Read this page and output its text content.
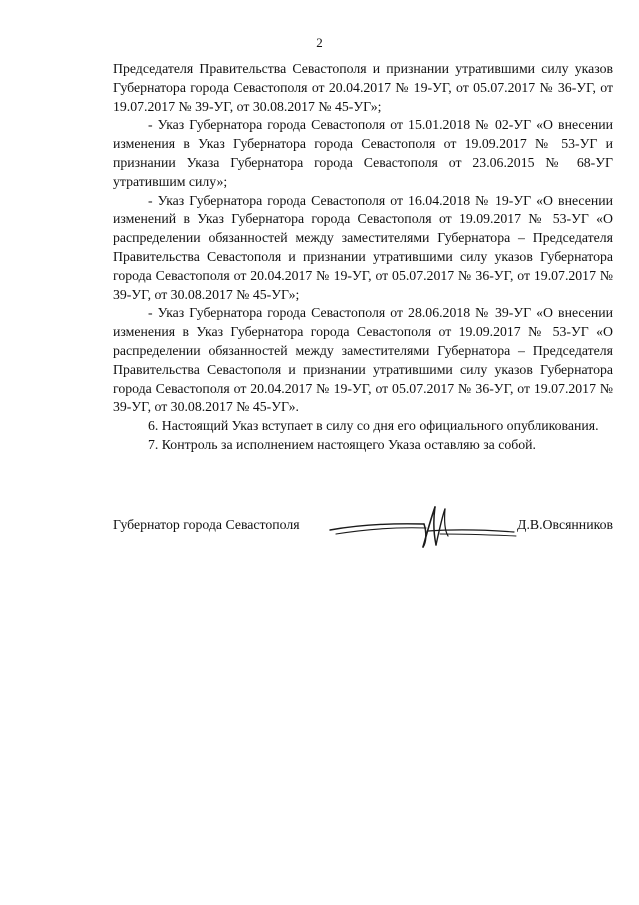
2

Председателя Правительства Севастополя и признании утратившими силу указов Губернатора города Севастополя от 20.04.2017 № 19-УГ, от 05.07.2017 № 36-УГ, от 19.07.2017 № 39-УГ, от 30.08.2017 № 45-УГ»;

- Указ Губернатора города Севастополя от 15.01.2018 № 02-УГ «О внесении изменения в Указ Губернатора города Севастополя от 19.09.2017 № 53-УГ и признании Указа Губернатора города Севастополя от 23.06.2015 № 68-УГ утратившим силу»;

- Указ Губернатора города Севастополя от 16.04.2018 № 19-УГ «О внесении изменений в Указ Губернатора города Севастополя от 19.09.2017 № 53-УГ «О распределении обязанностей между заместителями Губернатора – Председателя Правительства Севастополя и признании утратившими силу указов Губернатора города Севастополя от 20.04.2017 № 19-УГ, от 05.07.2017 № 36-УГ, от 19.07.2017 № 39-УГ, от 30.08.2017 № 45-УГ»;

- Указ Губернатора города Севастополя от 28.06.2018 № 39-УГ «О внесении изменения в Указ Губернатора города Севастополя от 19.09.2017 № 53-УГ «О распределении обязанностей между заместителями Губернатора – Председателя Правительства Севастополя и признании утратившими силу указов Губернатора города Севастополя от 20.04.2017 № 19-УГ, от 05.07.2017 № 36-УГ, от 19.07.2017 № 39-УГ, от 30.08.2017 № 45-УГ».

6. Настоящий Указ вступает в силу со дня его официального опубликования.

7. Контроль за исполнением настоящего Указа оставляю за собой.

Губернатор города Севастополя	Д.В.Овсянников
